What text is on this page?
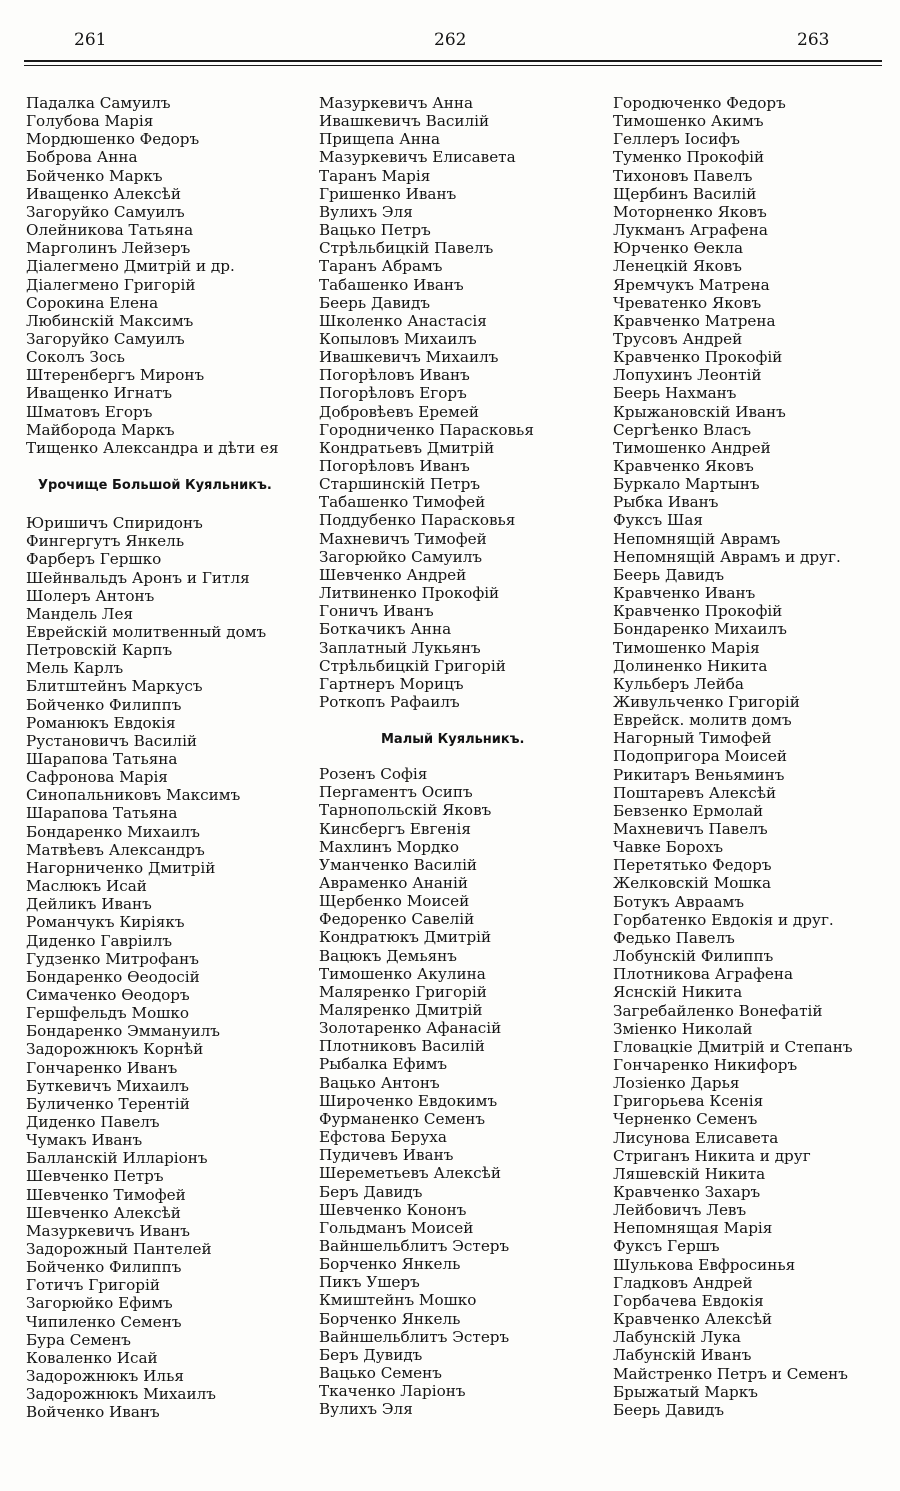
261	262	263
Падалка Самуилъ
Голубова Марія
Мордюшенко Федоръ
Боброва Анна
Бойченко Маркъ
Иващенко Алексѣй
Загоруйко Самуилъ
Олейникова Татьяна
Марголинъ Лейзеръ
Діалегмено Дмитрій и др.
Діалегмено Григорій
Сорокина Елена
Любинскій Максимъ
Загоруйко Самуилъ
Соколъ Зось
Штеренбергъ Миронъ
Иващенко Игнатъ
Шматовъ Егоръ
Майборода Маркъ
Тищенко Александра и дѣти ея
Урочище Большой Куяльникъ.
Юришичъ Спиридонъ
Фингергутъ Янкель
Фарберъ Гершко
Шейнвальдъ Аронъ и Гитля
Шолеръ Антонъ
Мандель Лея
Еврейскій молитвенный домъ
Петровскій Карпъ
Мель Карлъ
Блитштейнъ Маркусъ
Бойченко Филиппъ
Романюкъ Евдокія
Рустановичъ Василій
Шарапова Татьяна
Сафронова Марія
Синопальниковъ Максимъ
Шарапова Татьяна
Бондаренко Михаилъ
Матвѣевъ Александръ
Нагорниченко Дмитрій
Маслюкъ Исай
Дейликъ Иванъ
Романчукъ Киріякъ
Диденко Гавріилъ
Гудзенко Митрофанъ
Бондаренко Ѳеодосій
Симаченко Ѳеодоръ
Гершфельдъ Мошко
Бондаренко Эммануилъ
Задорожнюкъ Корнѣй
Гончаренко Иванъ
Буткевичъ Михаилъ
Буличенко Терентій
Диденко Павелъ
Чумакъ Иванъ
Балланскій Илларіонъ
Шевченко Петръ
Шевченко Тимофей
Шевченко Алексѣй
Мазуркевичъ Иванъ
Задорожный Пантелей
Бойченко Филиппъ
Готичъ Григорій
Загорюйко Ефимъ
Чипиленко Семенъ
Бура Семенъ
Коваленко Исай
Задорожнюкъ Илья
Задорожнюкъ Михаилъ
Войченко Иванъ
Мазуркевичъ Анна
Ивашкевичъ Василій
Прищепа Анна
Мазуркевичъ Елисавета
Таранъ Марія
Гришенко Иванъ
Вулихъ Эля
Вацько Петръ
Стрѣльбицкій Павелъ
Таранъ Абрамъ
Табашенко Иванъ
Беерь Давидъ
Школенко Анастасія
Копыловъ Михаилъ
Ивашкевичъ Михаилъ
Погорѣловъ Иванъ
Погорѣловъ Егоръ
Добровѣевъ Еремей
Городниченко Парасковья
Кондратьевъ Дмитрій
Погорѣловъ Иванъ
Старшинскій Петръ
Табашенко Тимофей
Поддубенко Парасковья
Махневичъ Тимофей
Загорюйко Самуилъ
Шевченко Андрей
Литвиненко Прокофій
Гоничъ Иванъ
Боткачикъ Анна
Заплатный Лукьянъ
Стрѣльбицкій Григорій
Гартнеръ Морицъ
Роткопъ Рафаилъ
Малый Куяльникъ.
Розенъ Софія
Пергаментъ Осипъ
Тарнопольскій Яковъ
Кинсбергъ Евгенія
Махлинъ Мордко
Уманченко Василій
Авраменко Ананій
Щербенко Моисей
Федоренко Савелій
Кондратюкъ Дмитрій
Вацюкъ Демьянъ
Тимошенко Акулина
Маляренко Григорій
Маляренко Дмитрій
Золотаренко Афанасій
Плотниковъ Василій
Рыбалка Ефимъ
Вацько Антонъ
Широченко Евдокимъ
Фурманенко Семенъ
Ефстова Беруха
Пудичевъ Иванъ
Шереметьевъ Алексѣй
Беръ Давидъ
Шевченко Кононъ
Гольдманъ Моисей
Вайншельблитъ Эстеръ
Борченко Янкель
Пикъ Ушеръ
Кмиштейнъ Мошко
Борченко Янкель
Вайншельблитъ Эстеръ
Беръ Дувидъ
Вацько Семенъ
Ткаченко Ларіонъ
Вулихъ Эля
Городюченко Федоръ
Тимошенко Акимъ
Геллеръ Іосифъ
Туменко Прокофій
Тихоновъ Павелъ
Щербинъ Василій
Моторненко Яковъ
Лукманъ Аграфена
Юрченко Ѳекла
Ленецкій Яковъ
Яремчукъ Матрена
Чреватенко Яковъ
Кравченко Матрена
Трусовъ Андрей
Кравченко Прокофій
Лопухинъ Леонтій
Беерь Нахманъ
Крыжановскій Иванъ
Сергѣенко Власъ
Тимошенко Андрей
Кравченко Яковъ
Буркало Мартынъ
Рыбка Иванъ
Фуксъ Шая
Непомнящій Аврамъ
Непомнящій Аврамъ и друг.
Беерь Давидъ
Кравченко Иванъ
Кравченко Прокофій
Бондаренко Михаилъ
Тимошенко Марія
Долиненко Никита
Кульберъ Лейба
Живульченко Григорій
Еврейск. молитв домъ
Нагорный Тимофей
Подопригора Моисей
Рикитаръ Веньяминъ
Поштаревъ Алексѣй
Бевзенко Ермолай
Махневичъ Павелъ
Чавке Борохъ
Перетятько Федоръ
Желковскій Мошка
Ботукъ Авраамъ
Горбатенко Евдокія и друг.
Федько Павелъ
Лобунскій Филиппъ
Плотникова Аграфена
Яснскій Никита
Загребайленко Вонефатій
Зміенко Николай
Гловацкіе Дмитрій и Степанъ
Гончаренко Никифоръ
Лозіенко Дарья
Григорьева Ксенія
Черненко Семенъ
Лисунова Елисавета
Стриганъ Никита и друг
Ляшевскій Никита
Кравченко Захаръ
Лейбовичъ Левъ
Непомнящая Марія
Фуксъ Гершъ
Шулькова Евфросинья
Гладковъ Андрей
Горбачева Евдокія
Кравченко Алексѣй
Лабунскій Лука
Лабунскій Иванъ
Майстренко Петръ и Семенъ
Брыжатый Маркъ
Беерь Давидъ
